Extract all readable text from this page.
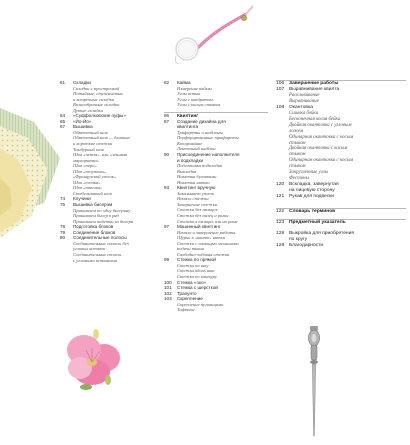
61	Складки
Складки с прострочкой
Потайные, ступенчатые
и встречные складки
Волнообразные складки
Дутые складки
64	«Суффолковские пуфы»
65	«Йо-Йо»
67	Вышивка
Обметочный шов
Обметочный шов — длинные
и короткие стежки
Тамбурный шов
Шов «петля», или «ленивая
маргаритка»
Шов «перо»
Шов «полуптах»
«Французский узелок»
Шов «елочка»
Шов «птичка»
Стебельчатый шов
74	Клучини
75	Вышивка бисером
Пришиваем по одну бисерину
Пришиваем бисер в ряд
Пришиваем пайетки из бисера
78	Подготовка блоков
79	Соединение блоков
80	Соединительные полосы
Соединительные полосы без
угловых вставок
Соединительные полосы
с угловыми вставками
82	Кайма
Измерение каймы
Углы встык
Углы с квадратом
Углы с косым стыком
86	Квилтинг
87	Создание дизайна для
квилтинга
Трафареты и шаблоны
Перфорированные трафареты
Копирование
Ленточный шаблон
90	Присоединение наполнителя
и подкладки
Подготовка подкладки
Выкладка
Наметка булавками
Наметка нитью
93	Квилтинг вручную
Закалывает узелок
Начало стежки
Завершение стежки
Стежки без пяльцев
Стежка без пялец и рамы
Стежка в пяльцах или на раме
97	Машинный квилтинг
Начало и завершение работы
Шурьи в «канто» нитки
Стежки с помощью механизма
подачи ткани
Свободно-ходовая стежка
99	Стежка по прямой
Стежка по шву
Стежка вдоль шва
Стежка по контуру
100	Стежка «эхо»
101	Стежка с шерсткой
102	Трапунто
103	Скрепление
Скрепление пуговицами
Тафтинг
106 Завершение работы
107 Выравнивание квилта
Расклавивание
Выравнивание
108 Окантовка
Сшивка бейки
Бесконечная косая бейка
Двойная окантовка с угловым
ложем
Одинарная окантовка с косым
стыком
Двойная окантовка с косым
стыком
Одинарная окантовка с косым
стыком
Закругленные углы
Фестоны
120 Вскладка, завернутая
на лицевую сторону
121 Рукав для подвески
122 Словарь терминов
123 Предметный указатель
128 Выкройка для приобретения
по кругу
128 Благодарности
